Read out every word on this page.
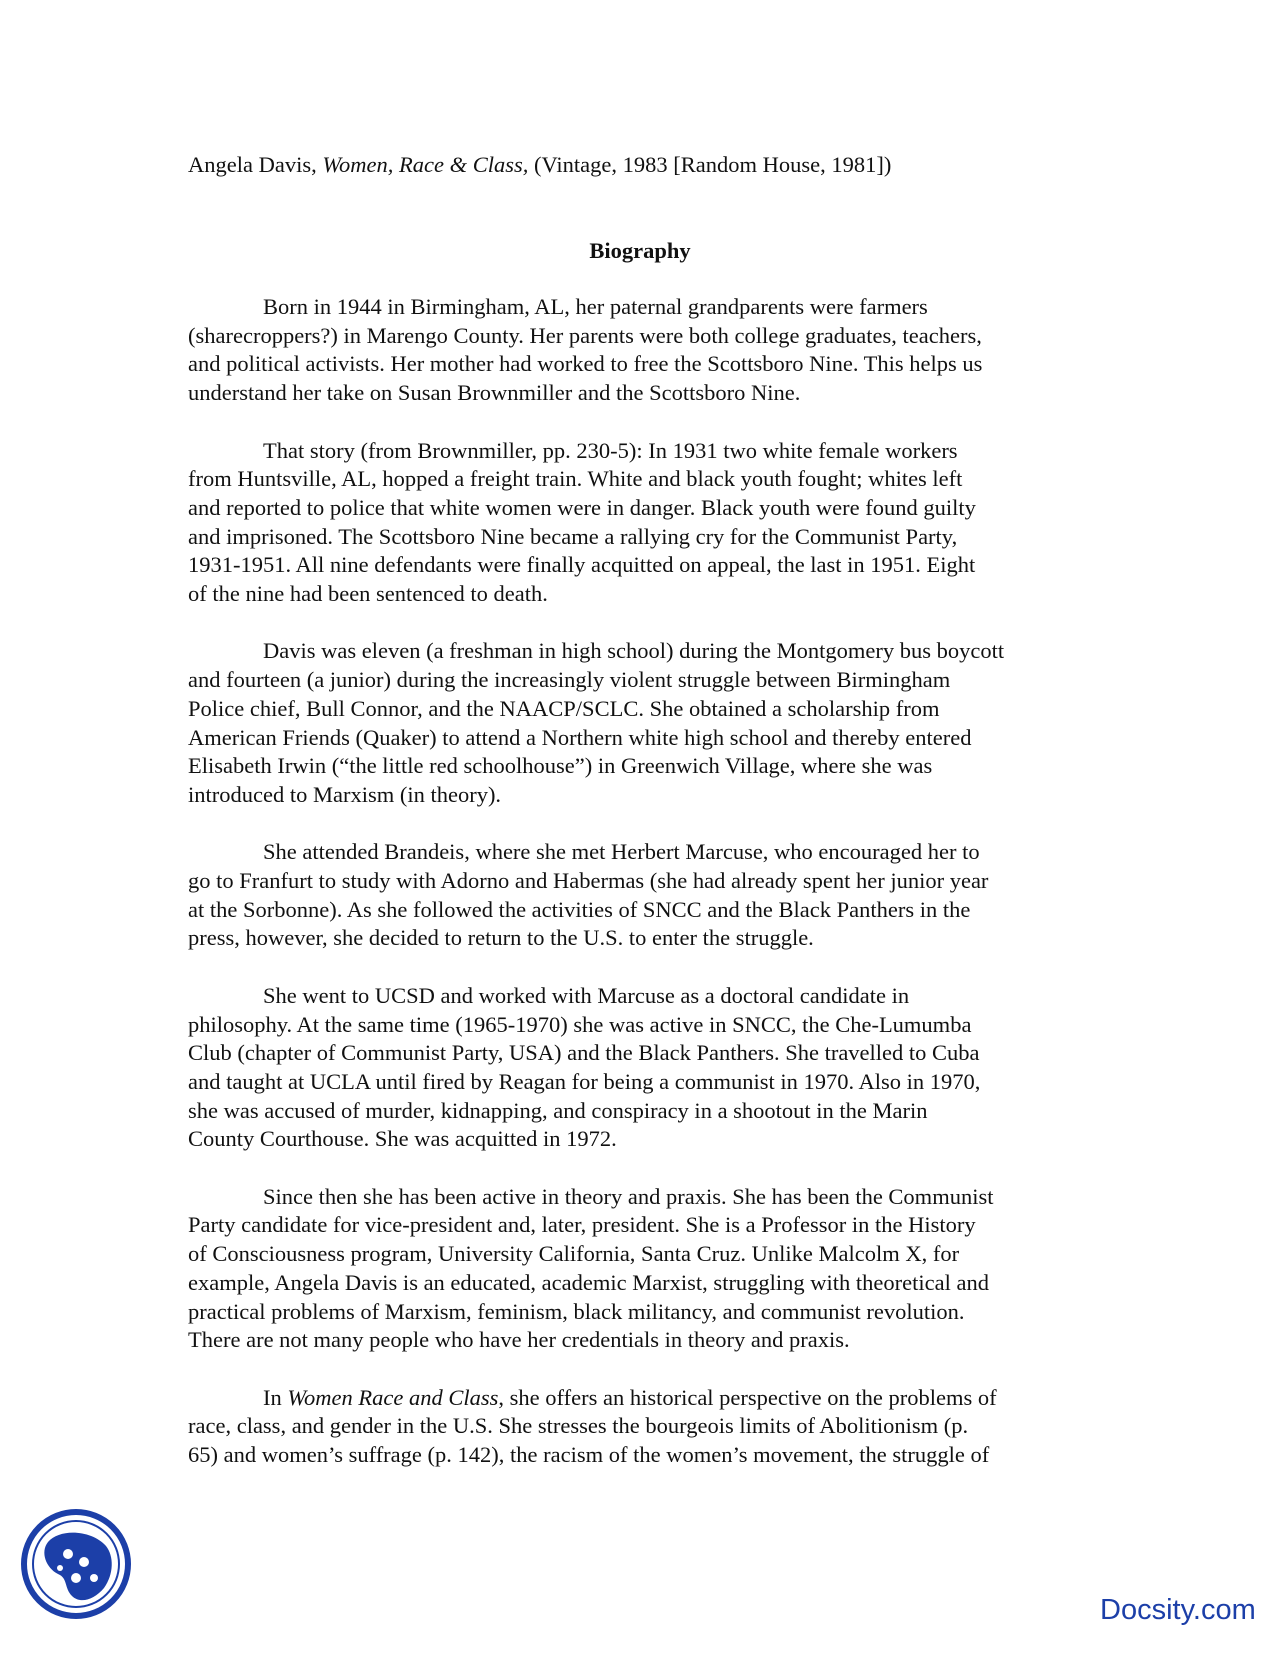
Angela Davis, Women, Race & Class, (Vintage, 1983 [Random House, 1981])
Biography
Born in 1944 in Birmingham, AL, her paternal grandparents were farmers
(sharecroppers?) in Marengo County. Her parents were both college graduates, teachers,
and political activists. Her mother had worked to free the Scottsboro Nine. This helps us
understand her take on Susan Brownmiller and the Scottsboro Nine.
That story (from Brownmiller, pp. 230-5): In 1931 two white female workers
from Huntsville, AL, hopped a freight train. White and black youth fought; whites left
and reported to police that white women were in danger. Black youth were found guilty
and imprisoned. The Scottsboro Nine became a rallying cry for the Communist Party,
1931-1951. All nine defendants were finally acquitted on appeal, the last in 1951. Eight
of the nine had been sentenced to death.
Davis was eleven (a freshman in high school) during the Montgomery bus boycott
and fourteen (a junior) during the increasingly violent struggle between Birmingham
Police chief, Bull Connor, and the NAACP/SCLC. She obtained a scholarship from
American Friends (Quaker) to attend a Northern white high school and thereby entered
Elisabeth Irwin (“the little red schoolhouse”) in Greenwich Village, where she was
introduced to Marxism (in theory).
She attended Brandeis, where she met Herbert Marcuse, who encouraged her to
go to Franfurt to study with Adorno and Habermas (she had already spent her junior year
at the Sorbonne). As she followed the activities of SNCC and the Black Panthers in the
press, however, she decided to return to the U.S. to enter the struggle.
She went to UCSD and worked with Marcuse as a doctoral candidate in
philosophy. At the same time (1965-1970) she was active in SNCC, the Che-Lumumba
Club (chapter of Communist Party, USA) and the Black Panthers. She travelled to Cuba
and taught at UCLA until fired by Reagan for being a communist in 1970. Also in 1970,
she was accused of murder, kidnapping, and conspiracy in a shootout in the Marin
County Courthouse. She was acquitted in 1972.
Since then she has been active in theory and praxis. She has been the Communist
Party candidate for vice-president and, later, president. She is a Professor in the History
of Consciousness program, University California, Santa Cruz. Unlike Malcolm X, for
example, Angela Davis is an educated, academic Marxist, struggling with theoretical and
practical problems of Marxism, feminism, black militancy, and communist revolution.
There are not many people who have her credentials in theory and praxis.
In Women Race and Class, she offers an historical perspective on the problems of
race, class, and gender in the U.S. She stresses the bourgeois limits of Abolitionism (p.
65) and women’s suffrage (p. 142), the racism of the women’s movement, the struggle of
Docsity.com
